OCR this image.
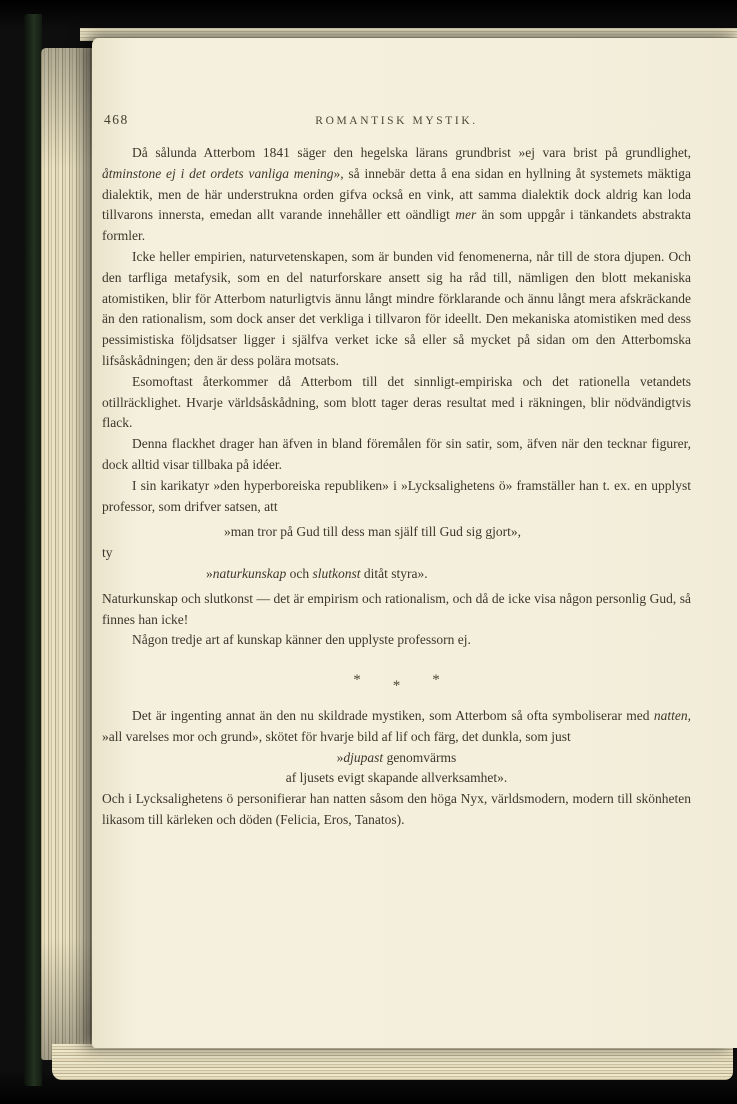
468	ROMANTISK MYSTIK.
Då sålunda Atterbom 1841 säger den hegelska lärans grundbrist »ej vara brist på grundlighet, åtminstone ej i det ordets vanliga mening», så innebär detta å ena sidan en hyllning åt systemets mäktiga dialektik, men de här understrukna orden gifva också en vink, att samma dialektik dock aldrig kan loda tillvarons innersta, emedan allt varande innehåller ett oändligt mer än som uppgår i tänkandets abstrakta formler.
Icke heller empirien, naturvetenskapen, som är bunden vid fenomenerna, når till de stora djupen. Och den tarfliga metafysik, som en del naturforskare ansett sig ha råd till, nämligen den blott mekaniska atomistiken, blir för Atterbom naturligtvis ännu långt mindre förklarande och ännu långt mera afskräckande än den rationalism, som dock anser det verkliga i tillvaron för ideellt. Den mekaniska atomistiken med dess pessimistiska följdsatser ligger i själfva verket icke så eller så mycket på sidan om den Atterbomska lifsåskådningen; den är dess polära motsats.
Esomoftast återkommer då Atterbom till det sinnligt-empiriska och det rationella vetandets otillräcklighet. Hvarje världsåskådning, som blott tager deras resultat med i räkningen, blir nödvändigtvis flack.
Denna flackhet drager han äfven in bland föremålen för sin satir, som, äfven när den tecknar figurer, dock alltid visar tillbaka på idéer.
I sin karikatyr »den hyperboreiska republiken» i »Lycksalighetens ö» framställer han t. ex. en upplyst professor, som drifver satsen, att
»man tror på Gud till dess man själf till Gud sig gjort»,
ty
»naturkunskap och slutkonst ditåt styra».
Naturkunskap och slutkonst — det är empirism och rationalism, och då de icke visa någon personlig Gud, så finnes han icke!
Någon tredje art af kunskap känner den upplyste professorn ej.
* * *
Det är ingenting annat än den nu skildrade mystiken, som Atterbom så ofta symboliserar med natten, »all varelses mor och grund», skötet för hvarje bild af lif och färg, det dunkla, som just
»djupast genomvärms
af ljusets evigt skapande allverksamhet».
Och i Lycksalighetens ö personifierar han natten såsom den höga Nyx, världsmodern, modern till skönheten likasom till kärleken och döden (Felicia, Eros, Tanatos).
